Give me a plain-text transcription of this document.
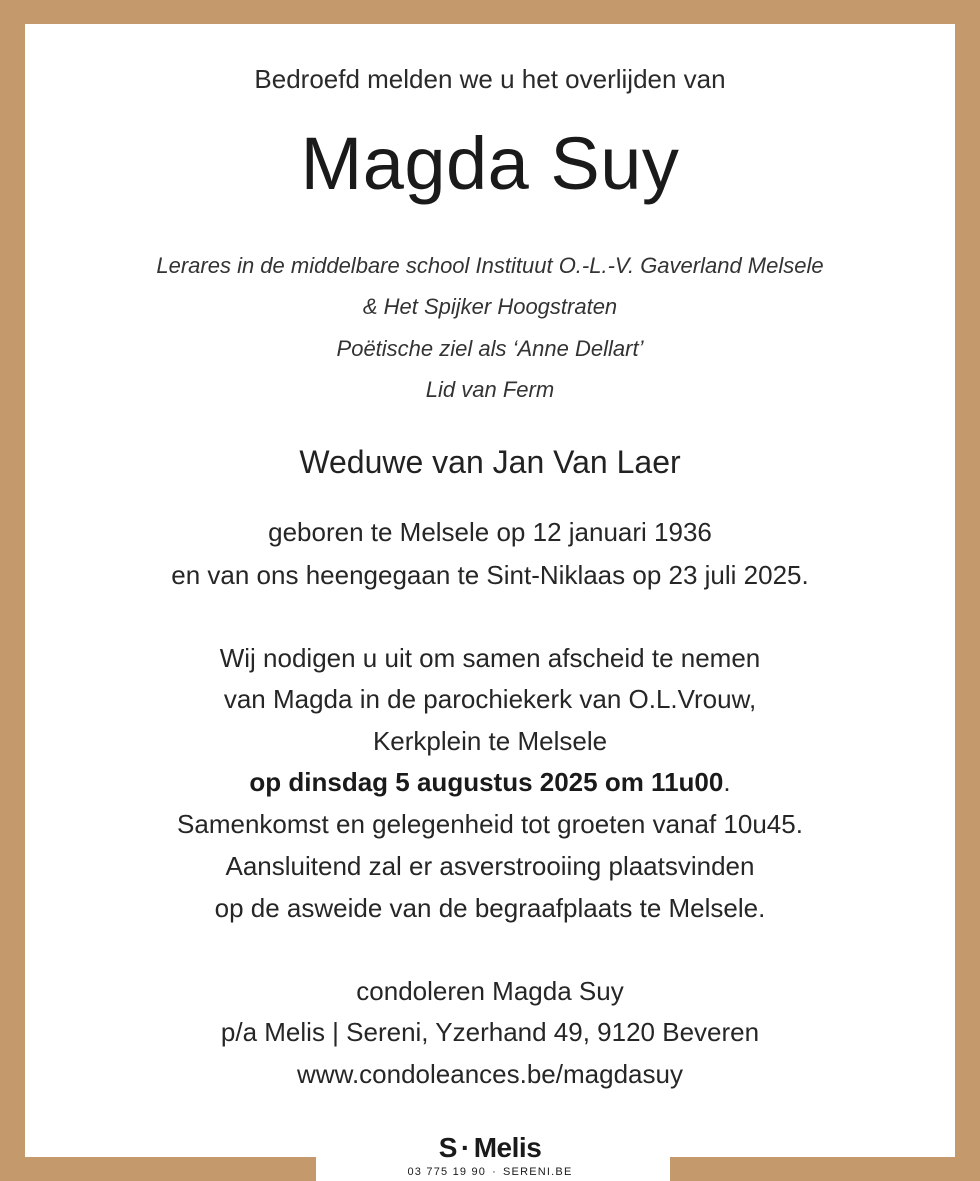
Bedroefd melden we u het overlijden van
Magda Suy
Lerares in de middelbare school Instituut O.-L.-V. Gaverland Melsele
& Het Spijker Hoogstraten
Poëtische ziel als ‘Anne Dellart’
Lid van Ferm
Weduwe van Jan Van Laer
geboren te Melsele op 12 januari 1936
en van ons heengegaan te Sint-Niklaas op 23 juli 2025.
Wij nodigen u uit om samen afscheid te nemen
van Magda in de parochiekerk van O.L.Vrouw,
Kerkplein te Melsele
op dinsdag 5 augustus 2025 om 11u00.
Samenkomst en gelegenheid tot groeten vanaf 10u45.
Aansluitend zal er asverstrooiing plaatsvinden
op de asweide van de begraafplaats te Melsele.
condoleren Magda Suy
p/a Melis | Sereni, Yzerhand 49, 9120 Beveren
www.condoleances.be/magdasuy
S · Melis
03 775 19 90 · SERENI.BE
